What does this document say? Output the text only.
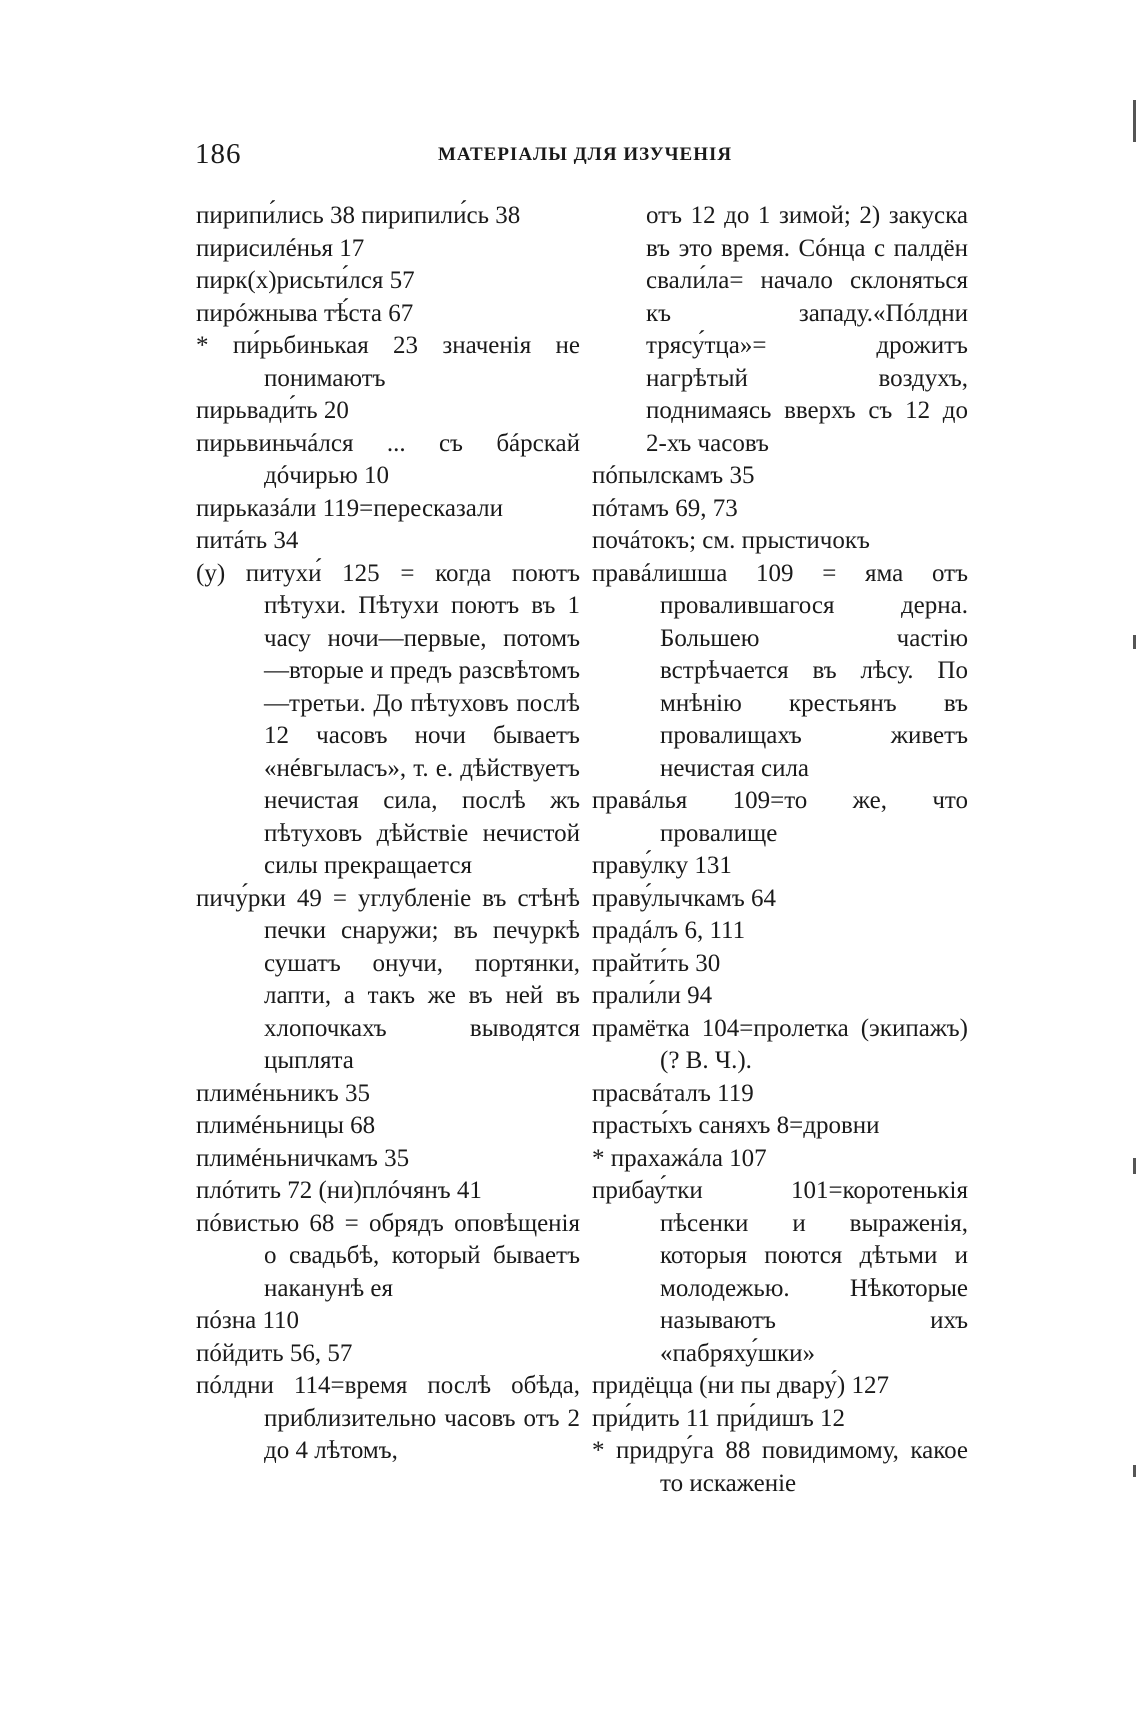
186	МАТЕРІАЛЫ ДЛЯ ИЗУЧЕНІЯ
пирипи́лись 38 пирипили́сь 38
пирисилéнья 17
пирк(х)рисьти́лся 57
пирóжныва тѣ́ста 67
* пи́рьбинькая 23 значенія не понимаютъ
пирьвади́ть 20
пирьвиньчáлся ... съ бáрскай дóчирью 10
пирьказáли 119=пересказали
питáть 34
(у) питухи́ 125 = когда поютъ пѣтухи. Пѣтухи поютъ въ 1 часу ночи—первые, потомъ—вторые и предъ разсвѣтомъ—третьи. До пѣтуховъ послѣ 12 часовъ ночи бываетъ «нéвгыласъ», т. е. дѣйствуетъ нечистая сила, послѣ жъ пѣтуховъ дѣйствіе нечистой силы прекращается
пичу́рки 49 = углубленіе въ стѣнѣ печки снаружи; въ печуркѣ сушатъ онучи, портянки, лапти, а такъ же въ ней въ хлопочкахъ выводятся цыплята
плимéньникъ 35
плимéньницы 68
плимéньничкамъ 35
плóтить 72 (ни)плóчянъ 41
пóвистью 68 = обрядъ оповѣщенія о свадьбѣ, который бываетъ наканунѣ ея
пóзна 110
пóйдить 56, 57
пóлдни 114=время послѣ обѣда, приблизительно часовъ отъ 2 до 4 лѣтомъ,
отъ 12 до 1 зимой; 2) закуска въ это время. Сóнца с палдён свали́ла= начало склоняться къ западу.«Пóлдни трясу́тца»= дрожитъ нагрѣтый воздухъ, поднимаясь вверхъ съ 12 до 2-хъ часовъ
пóпылскамъ 35
пóтамъ 69, 73
почáтокъ; см. прыстичокъ
правáлишша 109 = яма отъ провалившагося дерна. Большею частію встрѣчается въ лѣсу. По мнѣнію крестьянъ въ провалищахъ живетъ нечистая сила
правáлья 109=то же, что провалище
праву́лку 131
праву́лычкамъ 64
прадáлъ 6, 111
прайти́ть 30
прали́ли 94
прамётка 104=пролетка (экипажъ) (? В. Ч.).
прасвáталъ 119
прасты́хъ саняхъ 8=дровни
* прахажáла 107
прибау́тки 101=коротенькія пѣсенки и выраженія, которыя поются дѣтьми и молодежью. Нѣкоторые называютъ ихъ «пабряху́шки»
придёцца (ни пы двару́) 127
при́дить 11 при́дишъ 12
* придру́га 88 повидимому, какое то искаженіе
